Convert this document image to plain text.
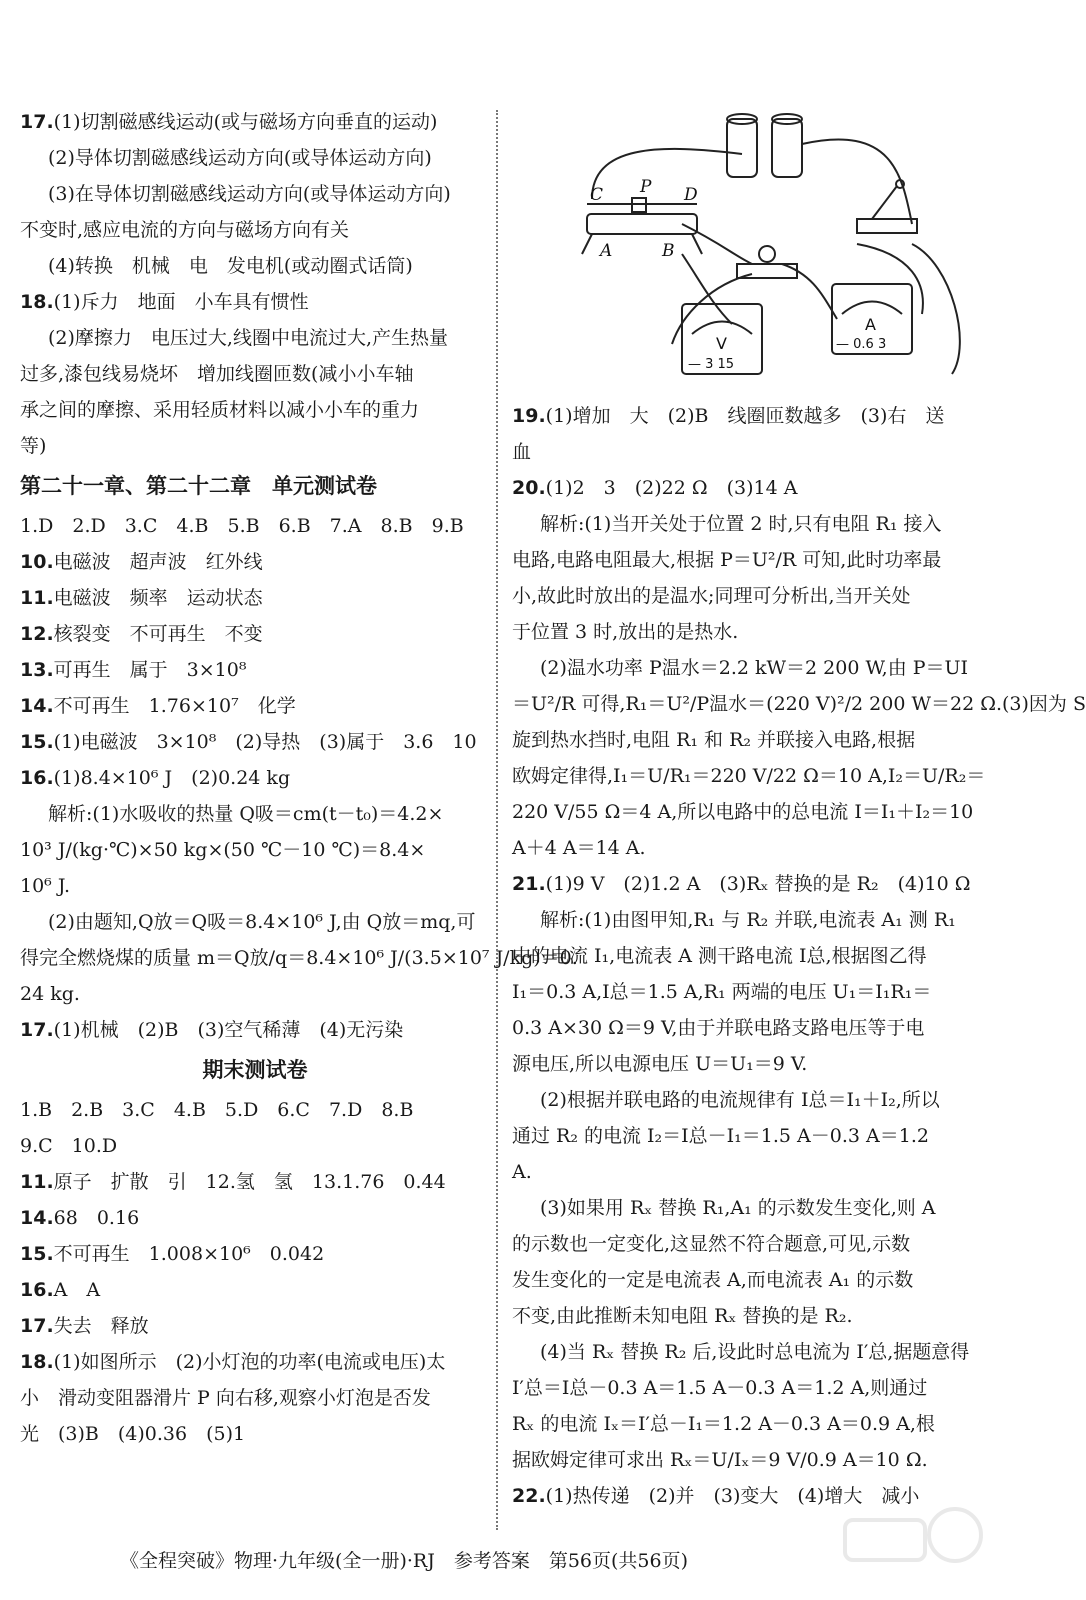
17.(1)切割磁感线运动(或与磁场方向垂直的运动)
(2)导体切割磁感线运动方向(或导体运动方向)
(3)在导体切割磁感线运动方向(或导体运动方向)
不变时,感应电流的方向与磁场方向有关
(4)转换　机械　电　发电机(或动圈式话筒)
18.(1)斥力　地面　小车具有惯性
(2)摩擦力　电压过大,线圈中电流过大,产生热量
过多,漆包线易烧坏　增加线圈匝数(减小小车轴
承之间的摩擦、采用轻质材料以减小小车的重力
等)
第二十一章、第二十二章　单元测试卷
1.D　2.D　3.C　4.B　5.B　6.B　7.A　8.B　9.B
10.电磁波　超声波　红外线
11.电磁波　频率　运动状态
12.核裂变　不可再生　不变
13.可再生　属于　3×10⁸
14.不可再生　1.76×10⁷　化学
15.(1)电磁波　3×10⁸　(2)导热　(3)属于　3.6　10
16.(1)8.4×10⁶ J　(2)0.24 kg
解析:(1)水吸收的热量 Q吸＝cm(t－t₀)＝4.2×
10³ J/(kg·℃)×50 kg×(50 ℃－10 ℃)＝8.4×
10⁶ J.
(2)由题知,Q放＝Q吸＝8.4×10⁶ J,由 Q放＝mq,可
得完全燃烧煤的质量 m＝Q放/q＝8.4×10⁶ J/(3.5×10⁷ J/kg)＝0.
24 kg.
17.(1)机械　(2)B　(3)空气稀薄　(4)无污染
期末测试卷
1.B　2.B　3.C　4.B　5.D　6.C　7.D　8.B
9.C　10.D
11.原子　扩散　引　12.氢　氢　13.1.76　0.44
14.68　0.16
15.不可再生　1.008×10⁶　0.042
16.A　A
17.失去　释放
18.(1)如图所示　(2)小灯泡的功率(电流或电压)太
小　滑动变阻器滑片 P 向右移,观察小灯泡是否发
光　(3)B　(4)0.36　(5)1
C P D
A	B
V
— 3 15
A
— 0.6 3
19.(1)增加　大　(2)B　线圈匝数越多　(3)右　送
血
20.(1)2　3　(2)22 Ω　(3)14 A
解析:(1)当开关处于位置 2 时,只有电阻 R₁ 接入
电路,电路电阻最大,根据 P＝U²/R 可知,此时功率最
小,故此时放出的是温水;同理可分析出,当开关处
于位置 3 时,放出的是热水.
(2)温水功率 P温水＝2.2 kW＝2 200 W,由 P＝UI
＝U²/R 可得,R₁＝U²/P温水＝(220 V)²/2 200 W＝22 Ω.(3)因为 S
旋到热水挡时,电阻 R₁ 和 R₂ 并联接入电路,根据
欧姆定律得,I₁＝U/R₁＝220 V/22 Ω＝10 A,I₂＝U/R₂＝
220 V/55 Ω＝4 A,所以电路中的总电流 I＝I₁＋I₂＝10
A＋4 A＝14 A.
21.(1)9 V　(2)1.2 A　(3)Rₓ 替换的是 R₂　(4)10 Ω
解析:(1)由图甲知,R₁ 与 R₂ 并联,电流表 A₁ 测 R₁
中的电流 I₁,电流表 A 测干路电流 I总,根据图乙得
I₁＝0.3 A,I总＝1.5 A,R₁ 两端的电压 U₁＝I₁R₁＝
0.3 A×30 Ω＝9 V,由于并联电路支路电压等于电
源电压,所以电源电压 U＝U₁＝9 V.
(2)根据并联电路的电流规律有 I总＝I₁＋I₂,所以
通过 R₂ 的电流 I₂＝I总－I₁＝1.5 A－0.3 A＝1.2
A.
(3)如果用 Rₓ 替换 R₁,A₁ 的示数发生变化,则 A
的示数也一定变化,这显然不符合题意,可见,示数
发生变化的一定是电流表 A,而电流表 A₁ 的示数
不变,由此推断未知电阻 Rₓ 替换的是 R₂.
(4)当 Rₓ 替换 R₂ 后,设此时总电流为 I′总,据题意得
I′总＝I总－0.3 A＝1.5 A－0.3 A＝1.2 A,则通过
Rₓ 的电流 Iₓ＝I′总－I₁＝1.2 A－0.3 A＝0.9 A,根
据欧姆定律可求出 Rₓ＝U/Iₓ＝9 V/0.9 A＝10 Ω.
22.(1)热传递　(2)并　(3)变大　(4)增大　减小
《全程突破》物理·九年级(全一册)·RJ　参考答案　第56页(共56页)
